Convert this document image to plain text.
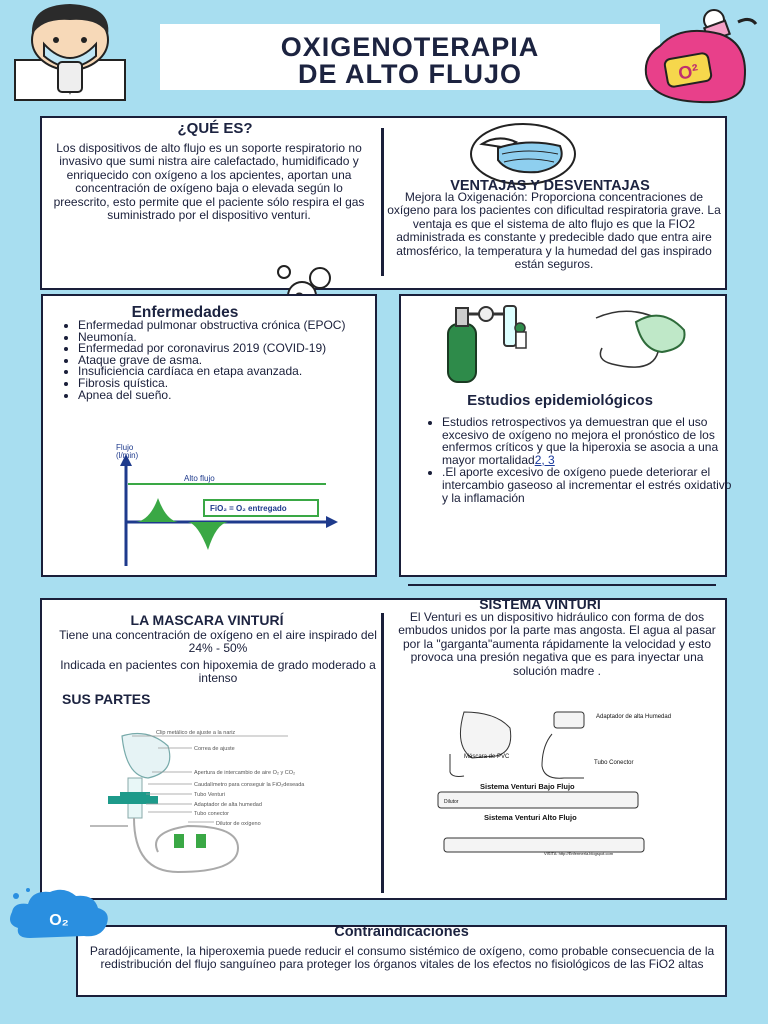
OXIGENOTERAPIA
DE ALTO FLUJO	O²
¿QUÉ ES?
Los dispositivos de alto flujo es un soporte respiratorio no invasivo que sumi nistra aire calefactado, humidificado y enriquecido con oxígeno a los apcientes, aportan una concentración de oxígeno baja o elevada según lo preescrito, esto permite que el paciente sólo respira el gas suministrado por el dispositivo venturi.
VENTAJAS Y DESVENTAJAS
Mejora la Oxigenación: Proporciona concentraciones de oxígeno para los pacientes con dificultad respiratoria grave. La ventaja es que el sistema de alto flujo es que la FIO2 administrada es constante y predecible dado que entra aire atmosférico, la temperatura y la humedad del gas inspirado están seguros.
Enfermedades
• Enfermedad pulmonar obstructiva crónica (EPOC)
• Neumonía.
• Enfermedad por coronavirus 2019 (COVID-19)
• Ataque grave de asma.
• Insuficiencia cardíaca en etapa avanzada.
• Fibrosis quística.
• Apnea del sueño.
Flujo
(l/min)
Alto flujo
FiO₂ = O₂ entregado
Estudios epidemiológicos
• Estudios retrospectivos ya demuestran que el uso excesivo de oxígeno no mejora el pronóstico de los enfermos críticos y que la hiperoxia se asocia a una mayor mortalidad2, 3
• .El aporte excesivo de oxígeno puede deteriorar el intercambio gaseoso al incrementar el estrés oxidativo y la inflamación
LA MASCARA VINTURÍ
Tiene una concentración de oxígeno en el aire inspirado del 24% - 50%
Indicada en pacientes con hipoxemia de grado moderado a intenso
SUS PARTES
Clip metálico de ajuste a la nariz
Correa de ajuste
Apertura de intercambio de aire O₂ y CO₂
Caudalímetro para conseguir la FiO₂deseada
Tubo Venturi
Adaptador de alta humedad
Tubo conector
Dilutor de oxígeno
SISTEMA VINTURI
El Venturi es un dispositivo hidráulico con forma de dos embudos unidos por la parte mas angosta. El agua al pasar por la "garganta"aumenta rápidamente la velocidad y esto provoca una presión negativa que es para inyectar una solución madre .
Adaptador de alta Humedad
Máscara de PVC
Tubo Conector
Sistema Venturi Bajo Flujo
Dilutor
Sistema Venturi Alto Flujo
VISITA: http://Enfermeria.blogspot.com
Contraindicaciones
Paradójicamente, la hiperoxemia puede reducir el consumo sistémico de oxígeno, como probable consecuencia de la redistribución del flujo sanguíneo para proteger los órganos vitales de los efectos no fisiológicos de las FiO2 altas
O₂
